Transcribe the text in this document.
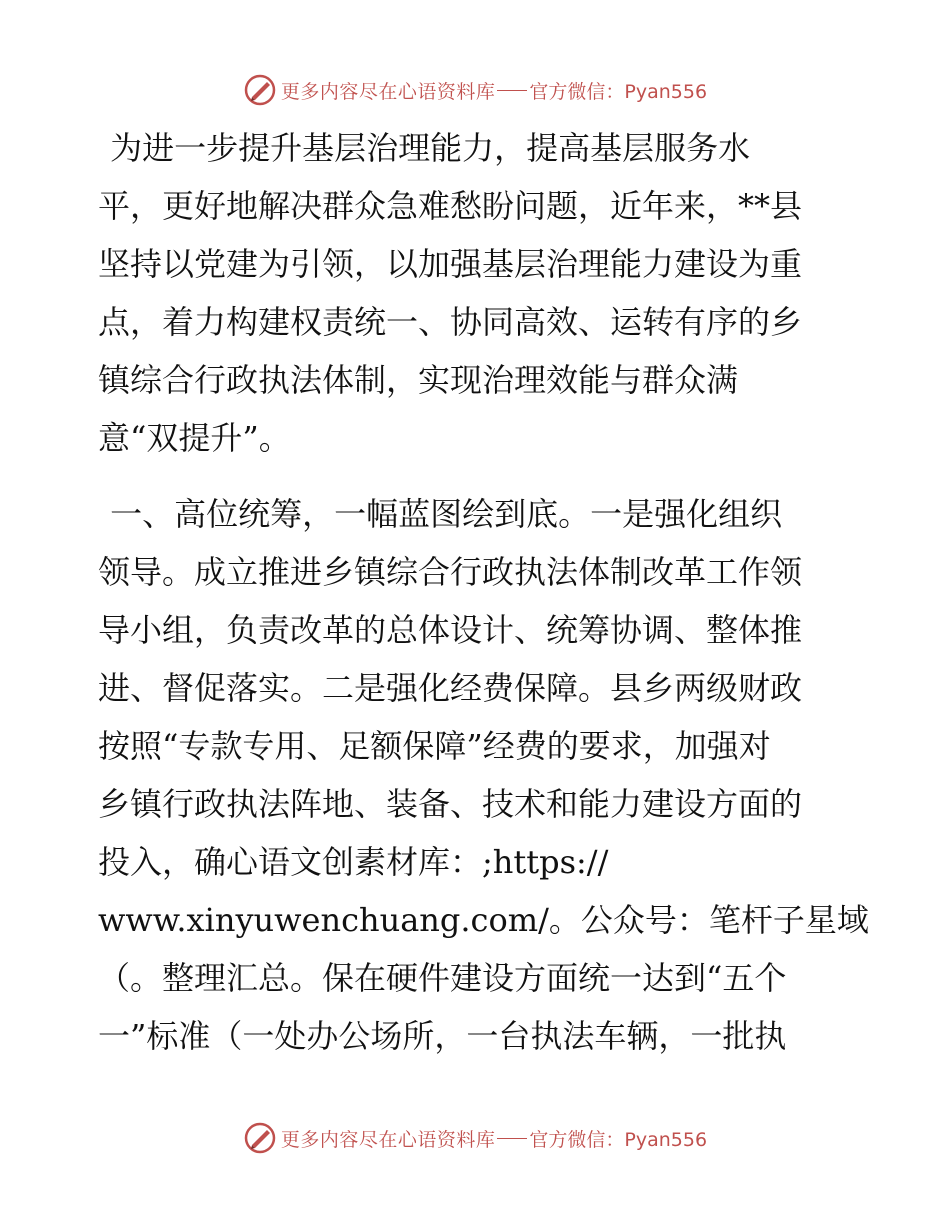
更多内容尽在心语资料库 官方微信：Pyan556
为进一步提升基层治理能力，提高基层服务水
平，更好地解决群众急难愁盼问题，近年来，**县
坚持以党建为引领，以加强基层治理能力建设为重
点，着力构建权责统一、协同高效、运转有序的乡
镇综合行政执法体制，实现治理效能与群众满
意“双提升”。
一、高位统筹，一幅蓝图绘到底。一是强化组织
领导。成立推进乡镇综合行政执法体制改革工作领
导小组，负责改革的总体设计、统筹协调、整体推
进、督促落实。二是强化经费保障。县乡两级财政
按照“专款专用、足额保障”经费的要求，加强对
乡镇行政执法阵地、装备、技术和能力建设方面的
投入，确心语文创素材库：;https://
www.xinyuwenchuang.com/。公众号：笔杆子星域
（。整理汇总。保在硬件建设方面统一达到“五个
一”标准（一处办公场所，一台执法车辆，一批执
更多内容尽在心语资料库 官方微信：Pyan556
